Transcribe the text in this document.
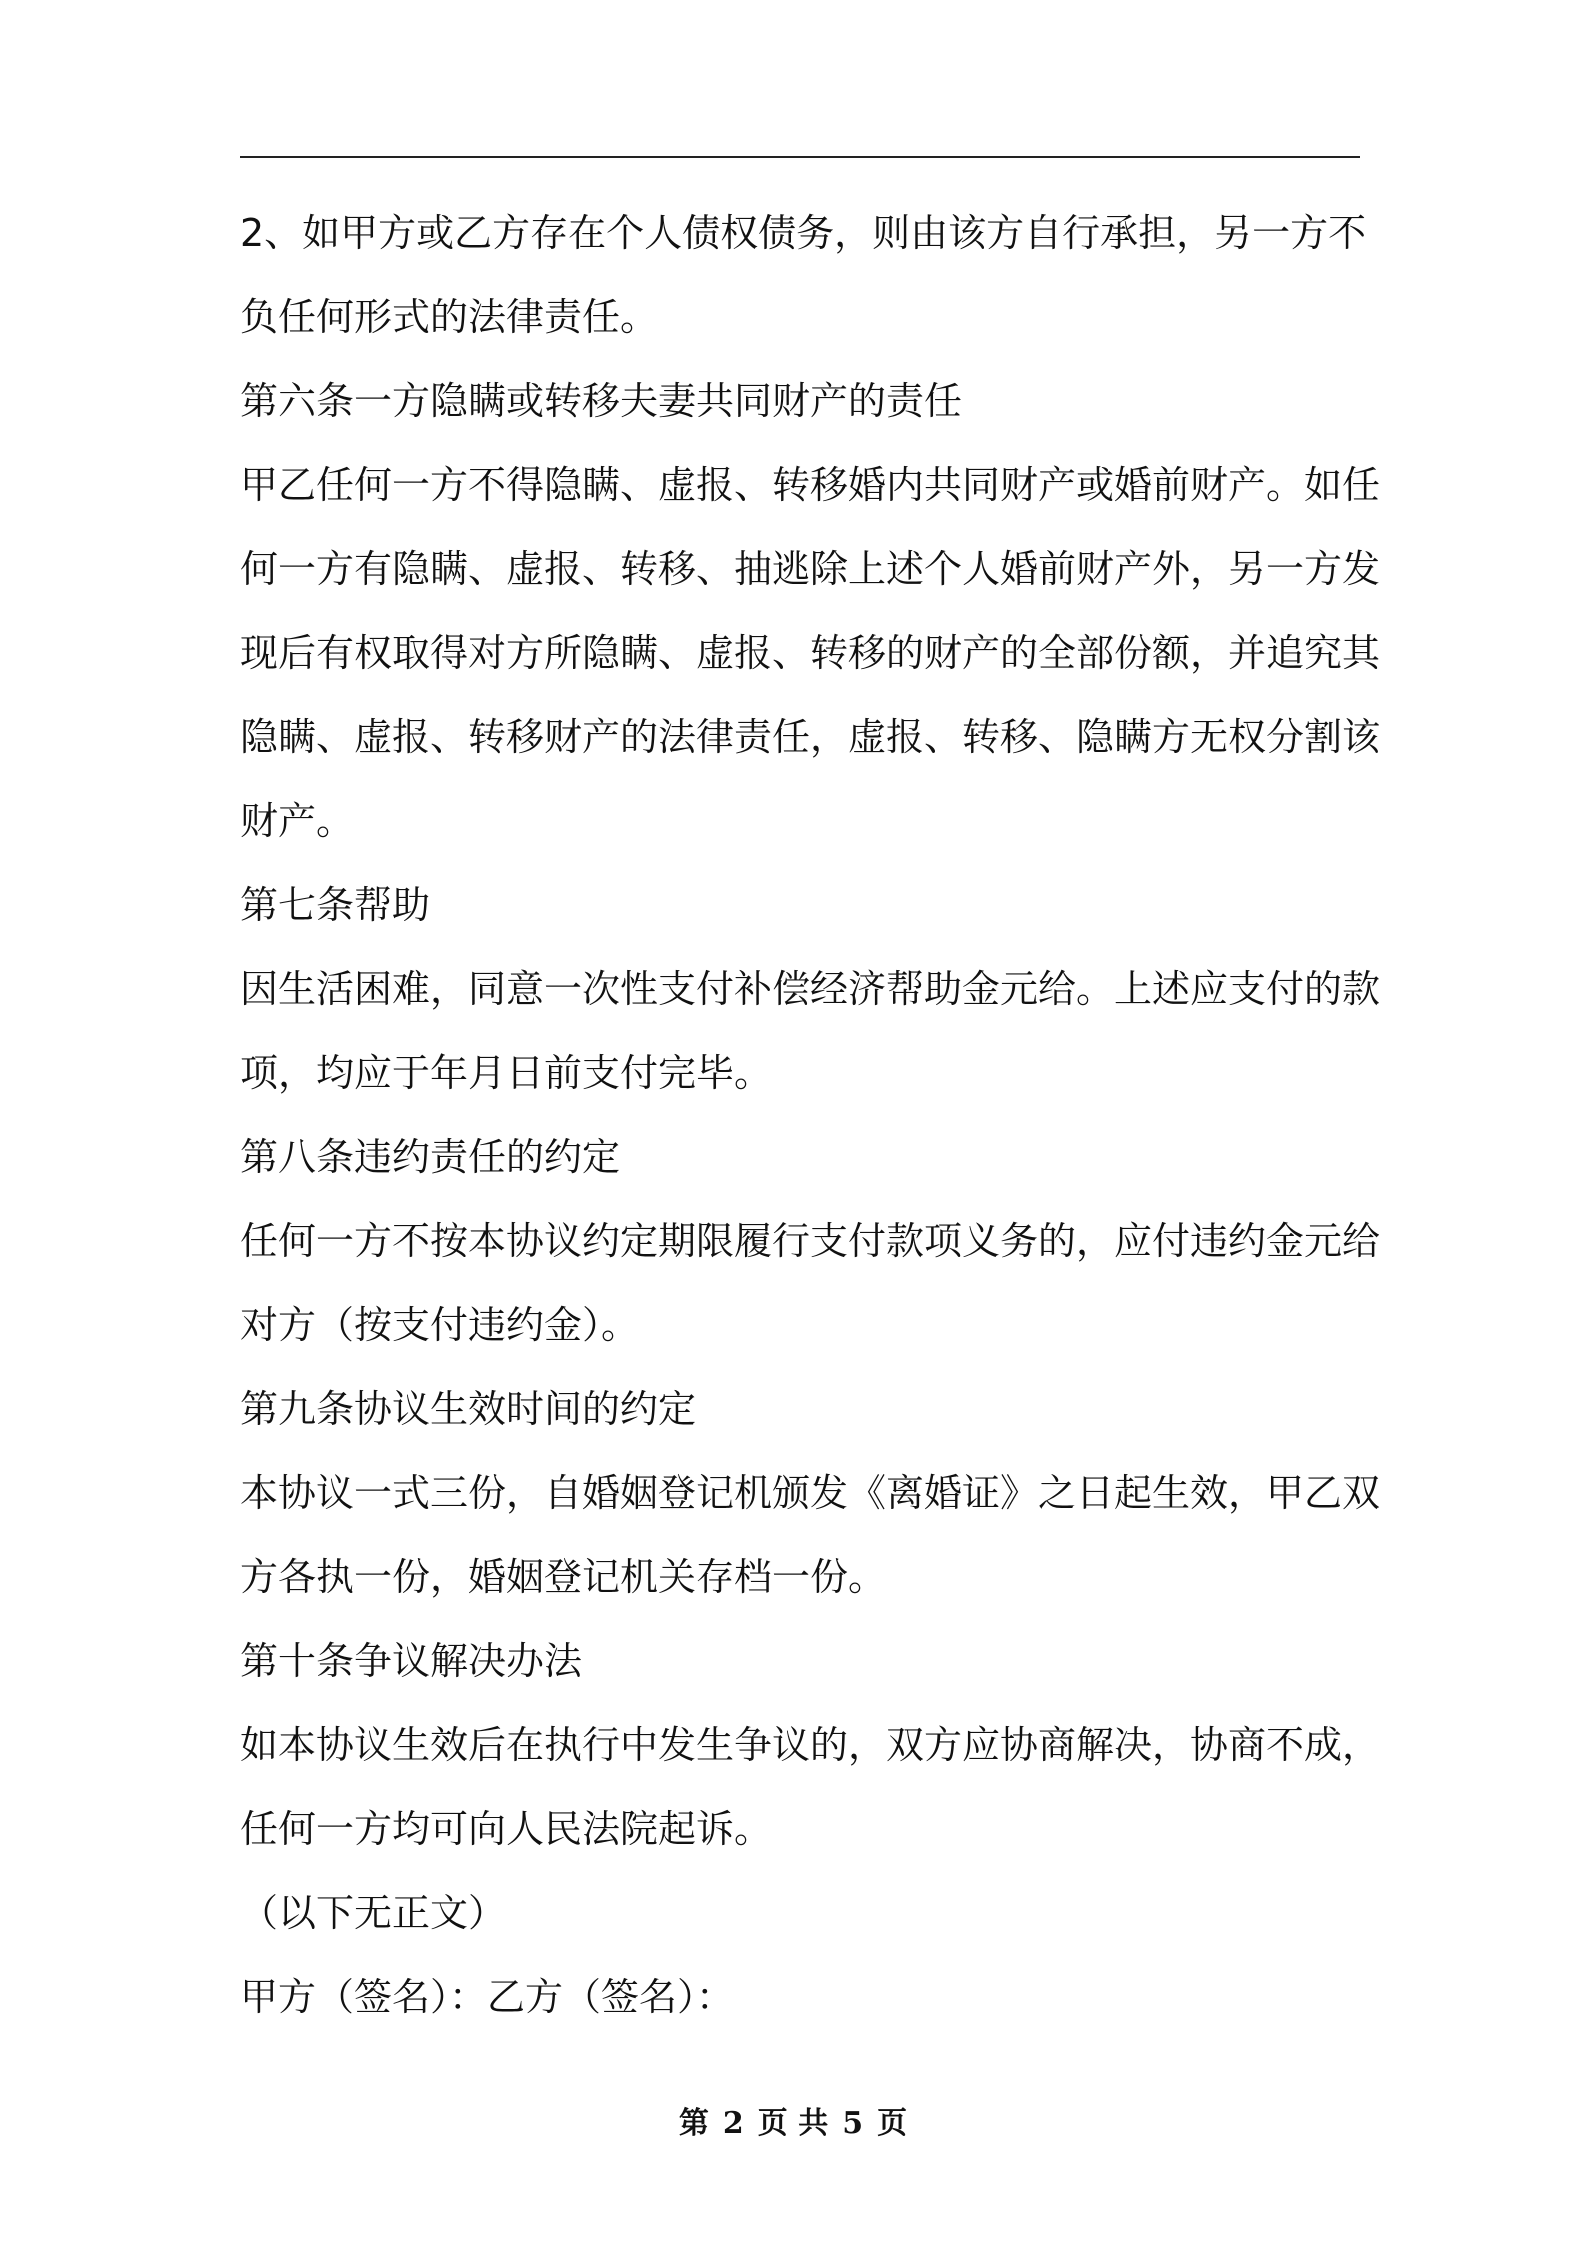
2、如甲方或乙方存在个人债权债务，则由该方自行承担，另一方不
负任何形式的法律责任。
第六条一方隐瞒或转移夫妻共同财产的责任
甲乙任何一方不得隐瞒、虚报、转移婚内共同财产或婚前财产。如任
何一方有隐瞒、虚报、转移、抽逃除上述个人婚前财产外，另一方发
现后有权取得对方所隐瞒、虚报、转移的财产的全部份额，并追究其
隐瞒、虚报、转移财产的法律责任，虚报、转移、隐瞒方无权分割该
财产。
第七条帮助
因生活困难，同意一次性支付补偿经济帮助金元给。上述应支付的款
项，均应于年月日前支付完毕。
第八条违约责任的约定
任何一方不按本协议约定期限履行支付款项义务的，应付违约金元给
对方（按支付违约金）。
第九条协议生效时间的约定
本协议一式三份，自婚姻登记机颁发《离婚证》之日起生效，甲乙双
方各执一份，婚姻登记机关存档一份。
第十条争议解决办法
如本协议生效后在执行中发生争议的，双方应协商解决，协商不成，
任何一方均可向人民法院起诉。
（以下无正文）
甲方（签名）：乙方（签名）：
第 2 页 共 5 页
